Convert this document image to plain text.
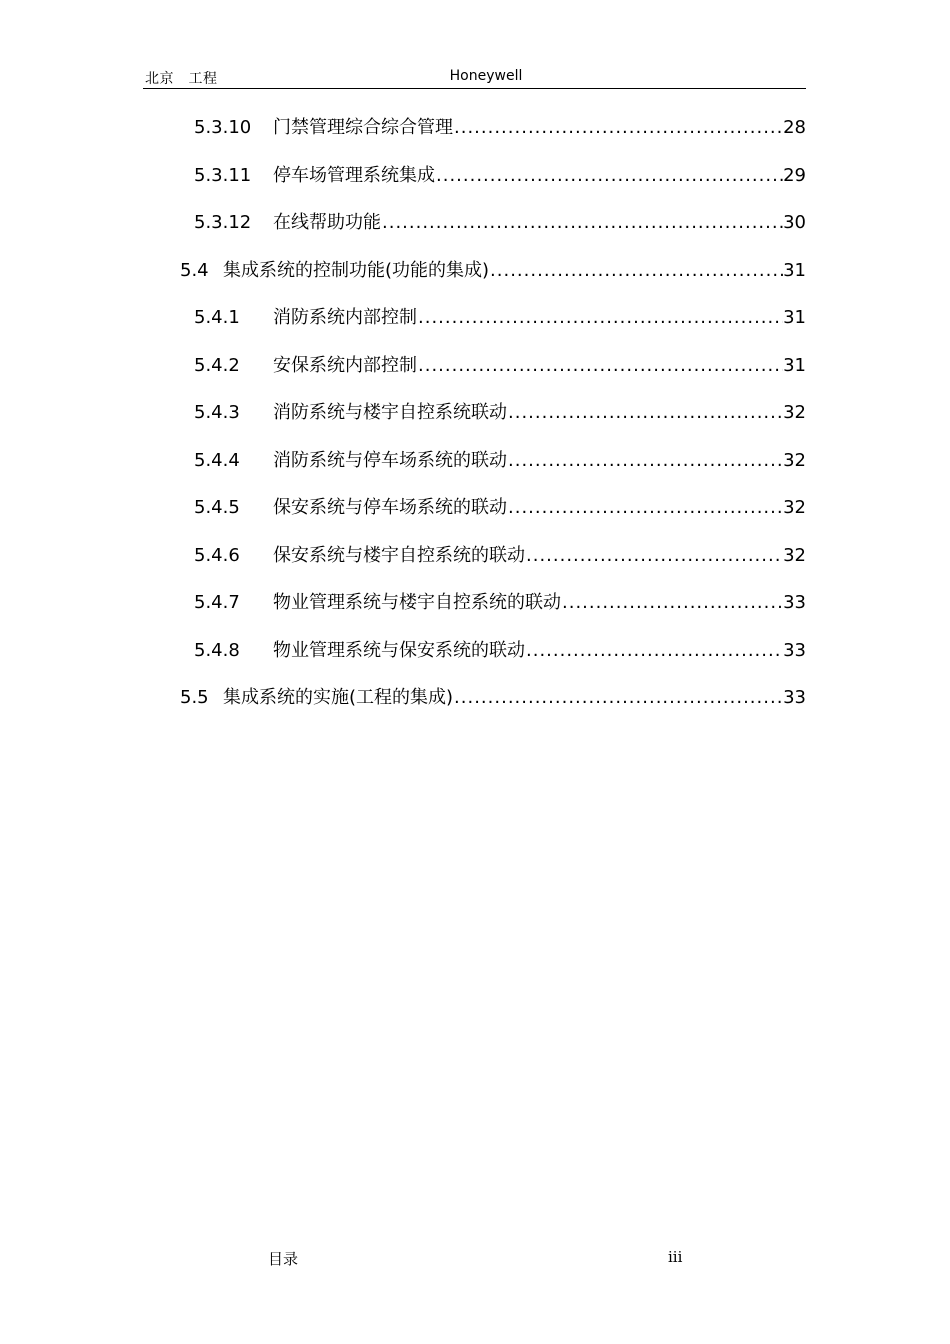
北京　工程	Honeywell
5.3.10	门禁管理综合综合管理 .....	28
5.3.11	停车场管理系统集成 .....	29
5.3.12	在线帮助功能 .....	30
5.4 集成系统的控制功能(功能的集成) .....	31
5.4.1	消防系统内部控制 .....	31
5.4.2	安保系统内部控制 .....	31
5.4.3	消防系统与楼宇自控系统联动 .....	32
5.4.4	消防系统与停车场系统的联动 .....	32
5.4.5	保安系统与停车场系统的联动 .....	32
5.4.6	保安系统与楼宇自控系统的联动 .....	32
5.4.7	物业管理系统与楼宇自控系统的联动 .....	33
5.4.8	物业管理系统与保安系统的联动 .....	33
5.5 集成系统的实施(工程的集成) .....	33
目录	iii
